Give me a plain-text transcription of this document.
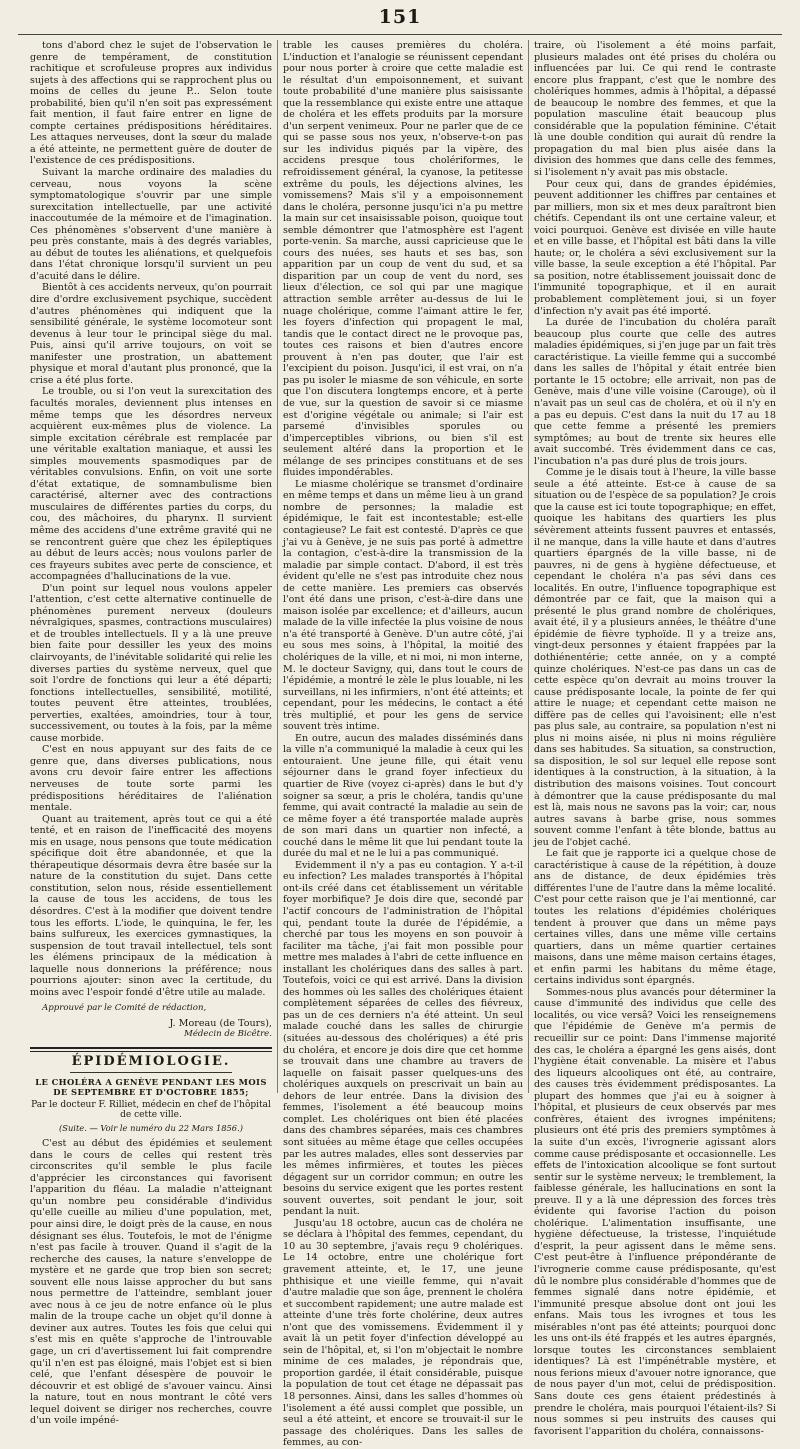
151

tons d'abord chez le sujet de l'observation le genre de tempérament, de constitution rachitique et scrofuleuse propres aux individus sujets à des affections qui se rapprochent plus ou moins de celles du jeune P... Selon toute probabilité, bien qu'il n'en soit pas expressément fait mention, il faut faire entrer en ligne de compte certaines prédispositions héréditaires. Les attaques nerveuses, dont la sœur du malade a été atteinte, ne permettent guère de douter de l'existence de ces prédispositions.

Suivant la marche ordinaire des maladies du cerveau, nous voyons la scène symptomatologique s'ouvrir par une simple surexcitation intellectuelle, par une activité inaccoutumée de la mémoire et de l'imagination. Ces phénomènes s'observent d'une manière à peu près constante, mais à des degrés variables, au début de toutes les aliénations, et quelquefois dans l'état chronique lorsqu'il survient un peu d'acuité dans le délire.

Bientôt à ces accidents nerveux, qu'on pourrait dire d'ordre exclusivement psychique, succèdent d'autres phénomènes qui indiquent que la sensibilité générale, le système locomoteur sont devenus à leur tour le principal siège du mal. Puis, ainsi qu'il arrive toujours, on voit se manifester une prostration, un abattement physique et moral d'autant plus prononcé, que la crise a été plus forte.

Le trouble, ou si l'on veut la surexcitation des facultés morales, deviennent plus intenses en même temps que les désordres nerveux acquièrent eux-mêmes plus de violence. La simple excitation cérébrale est remplacée par une véritable exaltation maniaque, et aussi les simples mouvements spasmodiques par de véritables convulsions. Enfin, on voit une sorte d'état extatique, de somnambulisme bien caractérisé, alterner avec des contractions musculaires de différentes parties du corps, du cou, des mâchoires, du pharynx. Il survient même des accidens d'une extrême gravité qui ne se rencontrent guère que chez les épileptiques au début de leurs accès; nous voulons parler de ces frayeurs subites avec perte de conscience, et accompagnées d'hallucinations de la vue.

D'un point sur lequel nous voulons appeler l'attention, c'est cette alternative continuelle de phénomènes purement nerveux (douleurs névralgiques, spasmes, contractions musculaires) et de troubles intellectuels. Il y a là une preuve bien faite pour dessiller les yeux des moins clairvoyants, de l'inévitable solidarité qui relie les diverses parties du système nerveux, quel que soit l'ordre de fonctions qui leur a été départi; fonctions intellectuelles, sensibilité, motilité, toutes peuvent être atteintes, troublées, perverties, exaltées, amoindries, tour à tour, successivement, ou toutes à la fois, par la même cause morbide.

C'est en nous appuyant sur des faits de ce genre que, dans diverses publications, nous avons cru devoir faire entrer les affections nerveuses de toute sorte parmi les prédispositions héréditaires de l'aliénation mentale.

Quant au traitement, après tout ce qui a été tenté, et en raison de l'inefficacité des moyens mis en usage, nous pensons que toute médication spécifique doit être abandonnée, et que la thérapeutique désormais devra être basée sur la nature de la constitution du sujet. Dans cette constitution, selon nous, réside essentiellement la cause de tous les accidens, de tous les désordres. C'est à la modifier que doivent tendre tous les efforts. L'iode, le quinquina, le fer, les bains sulfureux, les exercices gymnastiques, la suspension de tout travail intellectuel, tels sont les élémens principaux de la médication à laquelle nous donnerions la préférence; nous pourrions ajouter: sinon avec la certitude, du moins avec l'espoir fondé d'être utile au malade.

Approuvé par le Comité de rédaction,
J. Moreau (de Tours),
Médecin de Bicêtre.
ÉPIDÉMIOLOGIE.
LE CHOLÉRA A GENÈVE PENDANT LES MOIS DE SEPTEMBRE ET D'OCTOBRE 1855;
Par le docteur F. Rilliet, médecin en chef de l'hôpital de cette ville.
(Suite. — Voir le numéro du 22 Mars 1856.)

C'est au début des épidémies et seulement dans le cours de celles qui restent très circonscrites qu'il semble le plus facile d'apprécier les circonstances qui favorisent l'apparition du fléau. La maladie n'atteignant qu'un nombre peu considérable d'individus qu'elle cueille au milieu d'une population, met, pour ainsi dire, le doigt près de la cause, en nous désignant ses élus. Toutefois, le mot de l'énigme n'est pas facile à trouver. Quand il s'agit de la recherche des causes, la nature s'enveloppe de mystère et ne garde que trop bien son secret; souvent elle nous laisse approcher du but sans nous permettre de l'atteindre, semblant jouer avec nous à ce jeu de notre enfance où le plus malin de la troupe cache un objet qu'il donne à deviner aux autres. Toutes les fois que celui qui s'est mis en quête s'approche de l'introuvable gage, un cri d'avertissement lui fait comprendre qu'il n'en est pas éloigné, mais l'objet est si bien celé, que l'enfant désespère de pouvoir le découvrir et est obligé de s'avouer vaincu. Ainsi la nature, tout en nous montrant le côté vers lequel doivent se diriger nos recherches, couvre d'un voile impéné-

trable les causes premières du choléra. L'induction et l'analogie se réunissent cependant pour nous porter à croire que cette maladie est le résultat d'un empoisonnement, et suivant toute probabilité d'une manière plus saisissante que la ressemblance qui existe entre une attaque de choléra et les effets produits par la morsure d'un serpent venimeux. Pour ne parler que de ce qui se passe sous nos yeux, n'observe-t-on pas sur les individus piqués par la vipère, des accidens presque tous cholériformes, le refroidissement général, la cyanose, la petitesse extrême du pouls, les déjections alvines, les vomissemens? Mais s'il y a empoisonnement dans le choléra, personne jusqu'ici n'a pu mettre la main sur cet insaisissable poison, quoique tout semble démontrer que l'atmosphère est l'agent porte-venin. Sa marche, aussi capricieuse que le cours des nuées, ses hauts et ses bas, son apparition par un coup de vent du sud, et sa disparition par un coup de vent du nord, ses lieux d'élection, ce sol qui par une magique attraction semble arrêter au-dessus de lui le nuage cholérique, comme l'aimant attire le fer, les foyers d'infection qui propagent le mal, tandis que le contact direct ne le provoque pas, toutes ces raisons et bien d'autres encore prouvent à n'en pas douter, que l'air est l'excipient du poison. Jusqu'ici, il est vrai, on n'a pas pu isoler le miasme de son véhicule, en sorte que l'on discutera longtemps encore, et à perte de vue, sur la question de savoir si ce miasme est d'origine végétale ou animale; si l'air est parsemé d'invisibles sporules ou d'imperceptibles vibrions, ou bien s'il est seulement altéré dans la proportion et le mélange de ses principes constituans et de ses fluides impondérables.

Le miasme cholérique se transmet d'ordinaire en même temps et dans un même lieu à un grand nombre de personnes; la maladie est épidémique, le fait est incontestable; est-elle contagieuse? Le fait est contesté. D'après ce que j'ai vu à Genève, je ne suis pas porté à admettre la contagion, c'est-à-dire la transmission de la maladie par simple contact. D'abord, il est très évident qu'elle ne s'est pas introduite chez nous de cette manière. Les premiers cas observés l'ont été dans une prison, c'est-à-dire dans une maison isolée par excellence; et d'ailleurs, aucun malade de la ville infectée la plus voisine de nous n'a été transporté à Genève. D'un autre côté, j'ai eu sous mes soins, à l'hôpital, la moitié des cholériques de la ville, et ni moi, ni mon interne, M. le docteur Savigny, qui, dans tout le cours de l'épidémie, a montré le zèle le plus louable, ni les surveillans, ni les infirmiers, n'ont été atteints; et cependant, pour les médecins, le contact a été très multiplié, et pour les gens de service souvent très intime.

En outre, aucun des malades disséminés dans la ville n'a communiqué la maladie à ceux qui les entouraient. Une jeune fille, qui était venu séjourner dans le grand foyer infectieux du quartier de Rive (voyez ci-après) dans le but d'y soigner sa sœur, a pris le choléra, tandis qu'une femme, qui avait contracté la maladie au sein de ce même foyer a été transportée malade auprès de son mari dans un quartier non infecté, a couché dans le même lit que lui pendant toute la durée du mal et ne le lui a pas communiqué.

Evidemment il n'y a pas eu contagion. Y a-t-il eu infection? Les malades transportés à l'hôpital ont-ils créé dans cet établissement un véritable foyer morbifique? Je dois dire que, secondé par l'actif concours de l'administration de l'hôpital qui, pendant toute la durée de l'épidémie, a cherché par tous les moyens en son pouvoir à faciliter ma tâche, j'ai fait mon possible pour mettre mes malades à l'abri de cette influence en installant les cholériques dans des salles à part. Toutefois, voici ce qui est arrivé. Dans la division des hommes où les salles des cholériques étaient complètement séparées de celles des fiévreux, pas un de ces derniers n'a été atteint. Un seul malade couché dans les salles de chirurgie (situées au-dessous des cholériques) a été pris du choléra, et encore je dois dire que cet homme se trouvait dans une chambre au travers de laquelle on faisait passer quelques-uns des cholériques auxquels on prescrivait un bain au dehors de leur entrée. Dans la division des femmes, l'isolement a été beaucoup moins complet. Les cholériques ont bien été placées dans des chambres séparées, mais ces chambres sont situées au même étage que celles occupées par les autres malades, elles sont desservies par les mêmes infirmières, et toutes les pièces dégagent sur un corridor commun; en outre les besoins du service exigent que les portes restent souvent ouvertes, soit pendant le jour, soit pendant la nuit.

Jusqu'au 18 octobre, aucun cas de choléra ne se déclara à l'hôpital des femmes, cependant, du 10 au 30 septembre, j'avais reçu 9 cholériques. Le 14 octobre, entre une cholérique fort gravement atteinte, et, le 17, une jeune phthisique et une vieille femme, qui n'avait d'autre maladie que son âge, prennent le choléra et succombent rapidement; une autre malade est atteinte d'une très forte cholérine, deux autres n'ont que des vomissemens. Évidemment il y avait là un petit foyer d'infection développé au sein de l'hôpital, et, si l'on m'objectait le nombre minime de ces malades, je répondrais que, proportion gardée, il était considérable, puisque la population de tout cet étage ne dépassait pas 18 personnes. Ainsi, dans les salles d'hommes où l'isolement a été aussi complet que possible, un seul a été atteint, et encore se trouvait-il sur le passage des cholériques. Dans les salles de femmes, au con-

traire, où l'isolement a été moins parfait, plusieurs malades ont été prises du choléra ou influencées par lui. Ce qui rend le contraste encore plus frappant, c'est que le nombre des cholériques hommes, admis à l'hôpital, a dépassé de beaucoup le nombre des femmes, et que la population masculine était beaucoup plus considérable que la population féminine. C'était là une double condition qui aurait dû rendre la propagation du mal bien plus aisée dans la division des hommes que dans celle des femmes, si l'isolement n'y avait pas mis obstacle.

Pour ceux qui, dans de grandes épidémies, peuvent additionner les chiffres par centaines et par milliers, mon six et mes deux paraîtront bien chétifs. Cependant ils ont une certaine valeur, et voici pourquoi. Genève est divisée en ville haute et en ville basse, et l'hôpital est bâti dans la ville haute; or, le choléra a sévi exclusivement sur la ville basse, la seule exception a été l'hôpital. Par sa position, notre établissement jouissait donc de l'immunité topographique, et il en aurait probablement complètement joui, si un foyer d'infection n'y avait pas été importé.

La durée de l'incubation du choléra paraît beaucoup plus courte que celle des autres maladies épidémiques, si j'en juge par un fait très caractéristique. La vieille femme qui a succombé dans les salles de l'hôpital y était entrée bien portante le 15 octobre; elle arrivait, non pas de Genève, mais d'une ville voisine (Carouge), où il n'avait pas un seul cas de choléra, et où il n'y en a pas eu depuis. C'est dans la nuit du 17 au 18 que cette femme a présenté les premiers symptômes; au bout de trente six heures elle avait succombé. Très évidemment dans ce cas, l'incubation n'a pas duré plus de trois jours.

Comme je le disais tout à l'heure, la ville basse seule a été atteinte. Est-ce à cause de sa situation ou de l'espèce de sa population? Je crois que la cause est ici toute topographique; en effet, quoique les habitans des quartiers les plus sévèrement atteints fussent pauvres et entassés, il ne manque, dans la ville haute et dans d'autres quartiers épargnés de la ville basse, ni de pauvres, ni de gens à hygiène défectueuse, et cependant le choléra n'a pas sévi dans ces localités. En outre, l'influence topographique est démontrée par ce fait, que la maison qui a présenté le plus grand nombre de cholériques, avait été, il y a plusieurs années, le théâtre d'une épidémie de fièvre typhoïde. Il y a treize ans, vingt-deux personnes y étaient frappées par la dothiénentérie; cette année, on y a compté quinze cholériques. N'est-ce pas dans un cas de cette espèce qu'on devrait au moins trouver la cause prédisposante locale, la pointe de fer qui attire le nuage; et cependant cette maison ne diffère pas de celles qui l'avoisinent; elle n'est pas plus sale, au contraire, sa population n'est ni plus ni moins aisée, ni plus ni moins régulière dans ses habitudes. Sa situation, sa construction, sa disposition, le sol sur lequel elle repose sont identiques à la construction, à la situation, à la distribution des maisons voisines. Tout concourt à démontrer que la cause prédisposante du mal est là, mais nous ne savons pas la voir; car, nous autres savans à barbe grise, nous sommes souvent comme l'enfant à tête blonde, battus au jeu de l'objet caché.

Le fait que je rapporte ici a quelque chose de caractéristique à cause de la répétition, à douze ans de distance, de deux épidémies très différentes l'une de l'autre dans la même localité. C'est pour cette raison que je l'ai mentionné, car toutes les relations d'épidémies cholériques tendent à prouver que dans un même pays certaines villes, dans une même ville certains quartiers, dans un même quartier certaines maisons, dans une même maison certains étages, et enfin parmi les habitans du même étage, certains individus sont épargnés.

Sommes-nous plus avancés pour déterminer la cause d'immunité des individus que celle des localités, ou vice versâ? Voici les renseignemens que l'épidémie de Genève m'a permis de recueillir sur ce point: Dans l'immense majorité des cas, le choléra a épargné les gens aisés, dont l'hygiène était convenable. La misère et l'abus des liqueurs alcooliques ont été, au contraire, des causes très évidemment prédisposantes. La plupart des hommes que j'ai eu à soigner à l'hôpital, et plusieurs de ceux observés par mes confrères, étaient des ivrognes impénitens; plusieurs ont été pris des premiers symptômes à la suite d'un excès, l'ivrognerie agissant alors comme cause prédisposante et occasionnelle. Les effets de l'intoxication alcoolique se font surtout sentir sur le système nerveux; le tremblement, la faiblesse générale, les hallucinations en sont la preuve. Il y a là une dépression des forces très évidente qui favorise l'action du poison cholérique. L'alimentation insuffisante, une hygiène défectueuse, la tristesse, l'inquiétude d'esprit, la peur agissent dans le même sens. C'est peut-être à l'influence prépondérante de l'ivrognerie comme cause prédisposante, qu'est dû le nombre plus considérable d'hommes que de femmes signalé dans notre épidémie, et l'immunité presque absolue dont ont joui les enfans. Mais tous les ivrognes et tous les misérables n'ont pas été atteints; pourquoi donc les uns ont-ils été frappés et les autres épargnés, lorsque toutes les circonstances semblaient identiques? Là est l'impénétrable mystère, et nous ferions mieux d'avouer notre ignorance, que de nous payer d'un mot, celui de prédisposition. Sans doute ces gens étaient prédestinés à prendre le choléra, mais pourquoi l'étaient-ils? Si nous sommes si peu instruits des causes qui favorisent l'apparition du choléra, connaissons-
